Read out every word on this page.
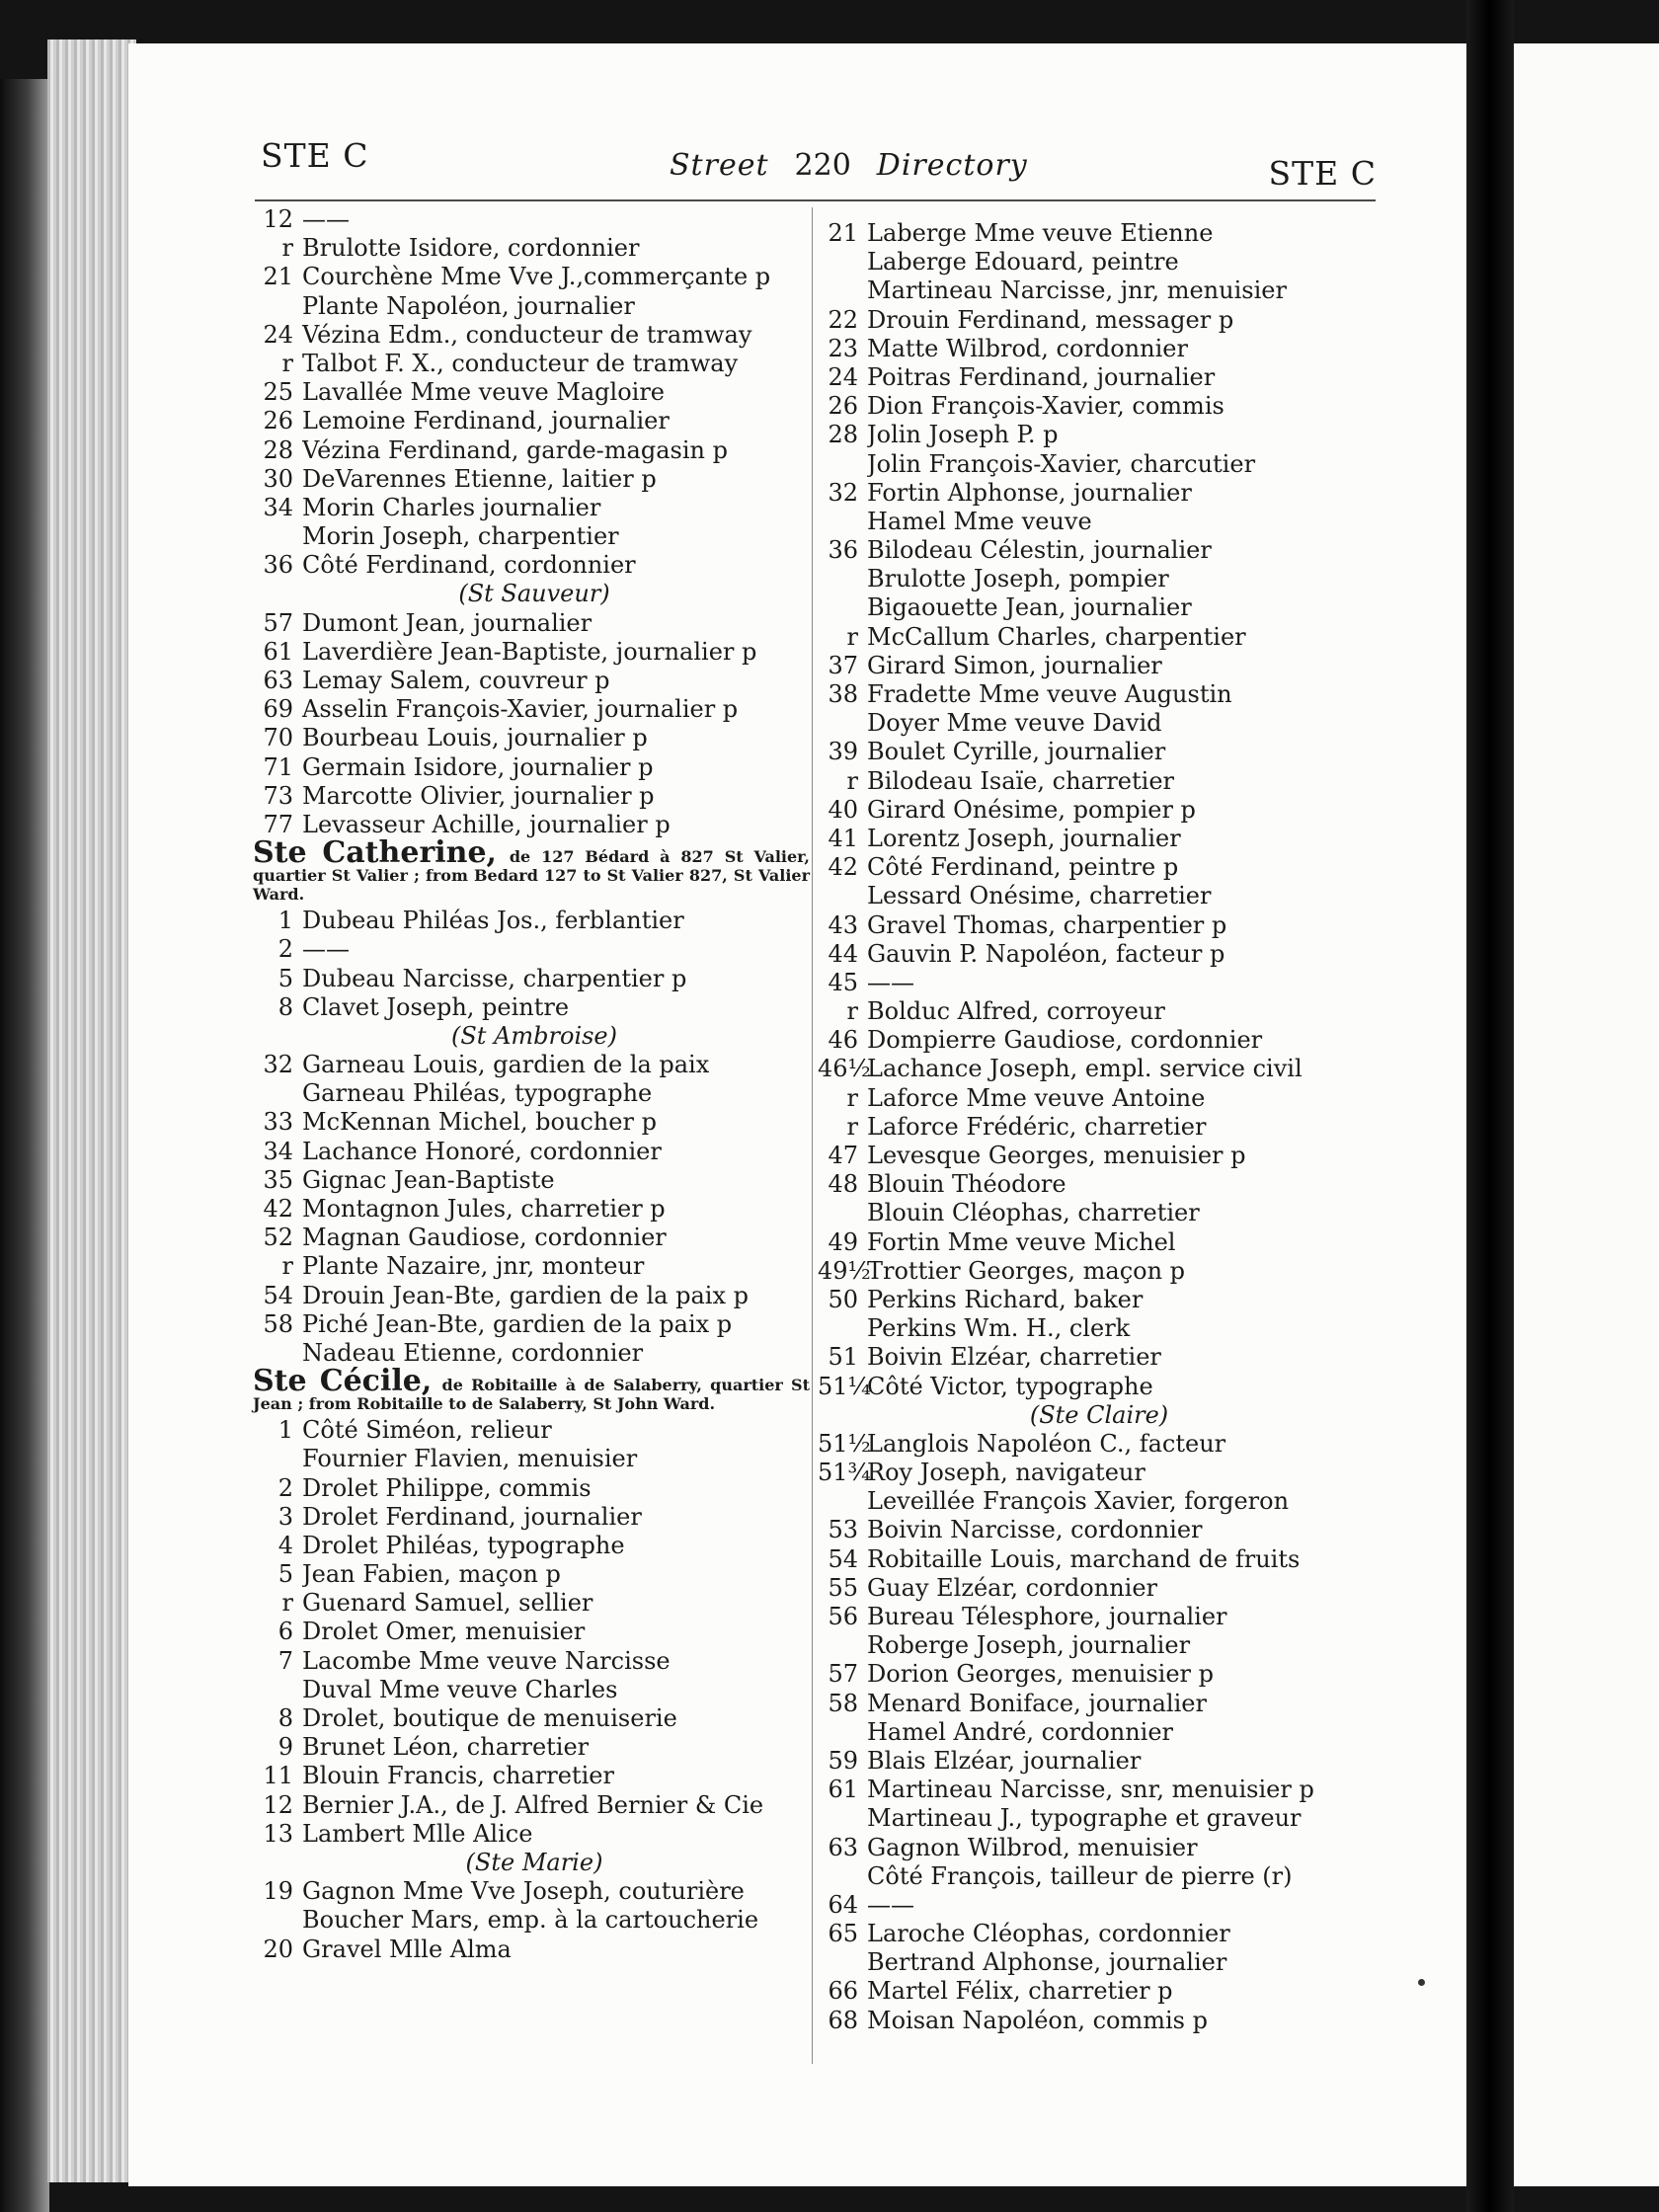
STE C	Street 220 Directory	STE C
12 ——
r Brulotte Isidore, cordonnier
21 Courchène Mme Vve J.,commerçante p
Plante Napoléon, journalier
24 Vézina Edm., conducteur de tramway
r Talbot F. X., conducteur de tramway
25 Lavallée Mme veuve Magloire
26 Lemoine Ferdinand, journalier
28 Vézina Ferdinand, garde-magasin p
30 DeVarennes Etienne, laitier p
34 Morin Charles journalier
Morin Joseph, charpentier
36 Côté Ferdinand, cordonnier
(St Sauveur)
57 Dumont Jean, journalier
61 Laverdière Jean-Baptiste, journalier p
63 Lemay Salem, couvreur p
69 Asselin François-Xavier, journalier p
70 Bourbeau Louis, journalier p
71 Germain Isidore, journalier p
73 Marcotte Olivier, journalier p
77 Levasseur Achille, journalier p
Ste Catherine, de 127 Bédard à 827 St Valier, quartier St Valier ; from Bedard 127 to St Valier 827, St Valier Ward.
1 Dubeau Philéas Jos., ferblantier
2 ——
5 Dubeau Narcisse, charpentier p
8 Clavet Joseph, peintre
(St Ambroise)
32 Garneau Louis, gardien de la paix
Garneau Philéas, typographe
33 McKennan Michel, boucher p
34 Lachance Honoré, cordonnier
35 Gignac Jean-Baptiste
42 Montagnon Jules, charretier p
52 Magnan Gaudiose, cordonnier
r Plante Nazaire, jnr, monteur
54 Drouin Jean-Bte, gardien de la paix p
58 Piché Jean-Bte, gardien de la paix p
Nadeau Etienne, cordonnier
Ste Cécile, de Robitaille à de Salaberry, quartier St Jean ; from Robitaille to de Salaberry, St John Ward.
1 Côté Siméon, relieur
Fournier Flavien, menuisier
2 Drolet Philippe, commis
3 Drolet Ferdinand, journalier
4 Drolet Philéas, typographe
5 Jean Fabien, maçon p
r Guenard Samuel, sellier
6 Drolet Omer, menuisier
7 Lacombe Mme veuve Narcisse
Duval Mme veuve Charles
8 Drolet, boutique de menuiserie
9 Brunet Léon, charretier
11 Blouin Francis, charretier
12 Bernier J.A., de J. Alfred Bernier & Cie
13 Lambert Mlle Alice
(Ste Marie)
19 Gagnon Mme Vve Joseph, couturière
Boucher Mars, emp. à la cartoucherie
20 Gravel Mlle Alma
21 Laberge Mme veuve Etienne
Laberge Edouard, peintre
Martineau Narcisse, jnr, menuisier
22 Drouin Ferdinand, messager p
23 Matte Wilbrod, cordonnier
24 Poitras Ferdinand, journalier
26 Dion François-Xavier, commis
28 Jolin Joseph P. p
Jolin François-Xavier, charcutier
32 Fortin Alphonse, journalier
Hamel Mme veuve
36 Bilodeau Célestin, journalier
Brulotte Joseph, pompier
Bigaouette Jean, journalier
r McCallum Charles, charpentier
37 Girard Simon, journalier
38 Fradette Mme veuve Augustin
Doyer Mme veuve David
39 Boulet Cyrille, journalier
r Bilodeau Isaïe, charretier
40 Girard Onésime, pompier p
41 Lorentz Joseph, journalier
42 Côté Ferdinand, peintre p
Lessard Onésime, charretier
43 Gravel Thomas, charpentier p
44 Gauvin P. Napoléon, facteur p
45 ——
r Bolduc Alfred, corroyeur
46 Dompierre Gaudiose, cordonnier
46½
Lachance Joseph, empl. service civil
r Laforce Mme veuve Antoine
r Laforce Frédéric, charretier
47 Levesque Georges, menuisier p
48 Blouin Théodore
Blouin Cléophas, charretier
49 Fortin Mme veuve Michel
49½
Trottier Georges, maçon p
50 Perkins Richard, baker
Perkins Wm. H., clerk
51 Boivin Elzéar, charretier
51¼
Côté Victor, typographe
(Ste Claire)
51½
Langlois Napoléon C., facteur
51¾
Roy Joseph, navigateur
Leveillée François Xavier, forgeron
53 Boivin Narcisse, cordonnier
54 Robitaille Louis, marchand de fruits
55 Guay Elzéar, cordonnier
56 Bureau Télesphore, journalier
Roberge Joseph, journalier
57 Dorion Georges, menuisier p
58 Menard Boniface, journalier
Hamel André, cordonnier
59 Blais Elzéar, journalier
61 Martineau Narcisse, snr, menuisier p
Martineau J., typographe et graveur
63 Gagnon Wilbrod, menuisier
Côté François, tailleur de pierre (r)
64 ——
65 Laroche Cléophas, cordonnier
Bertrand Alphonse, journalier
66 Martel Félix, charretier p
68 Moisan Napoléon, commis p
